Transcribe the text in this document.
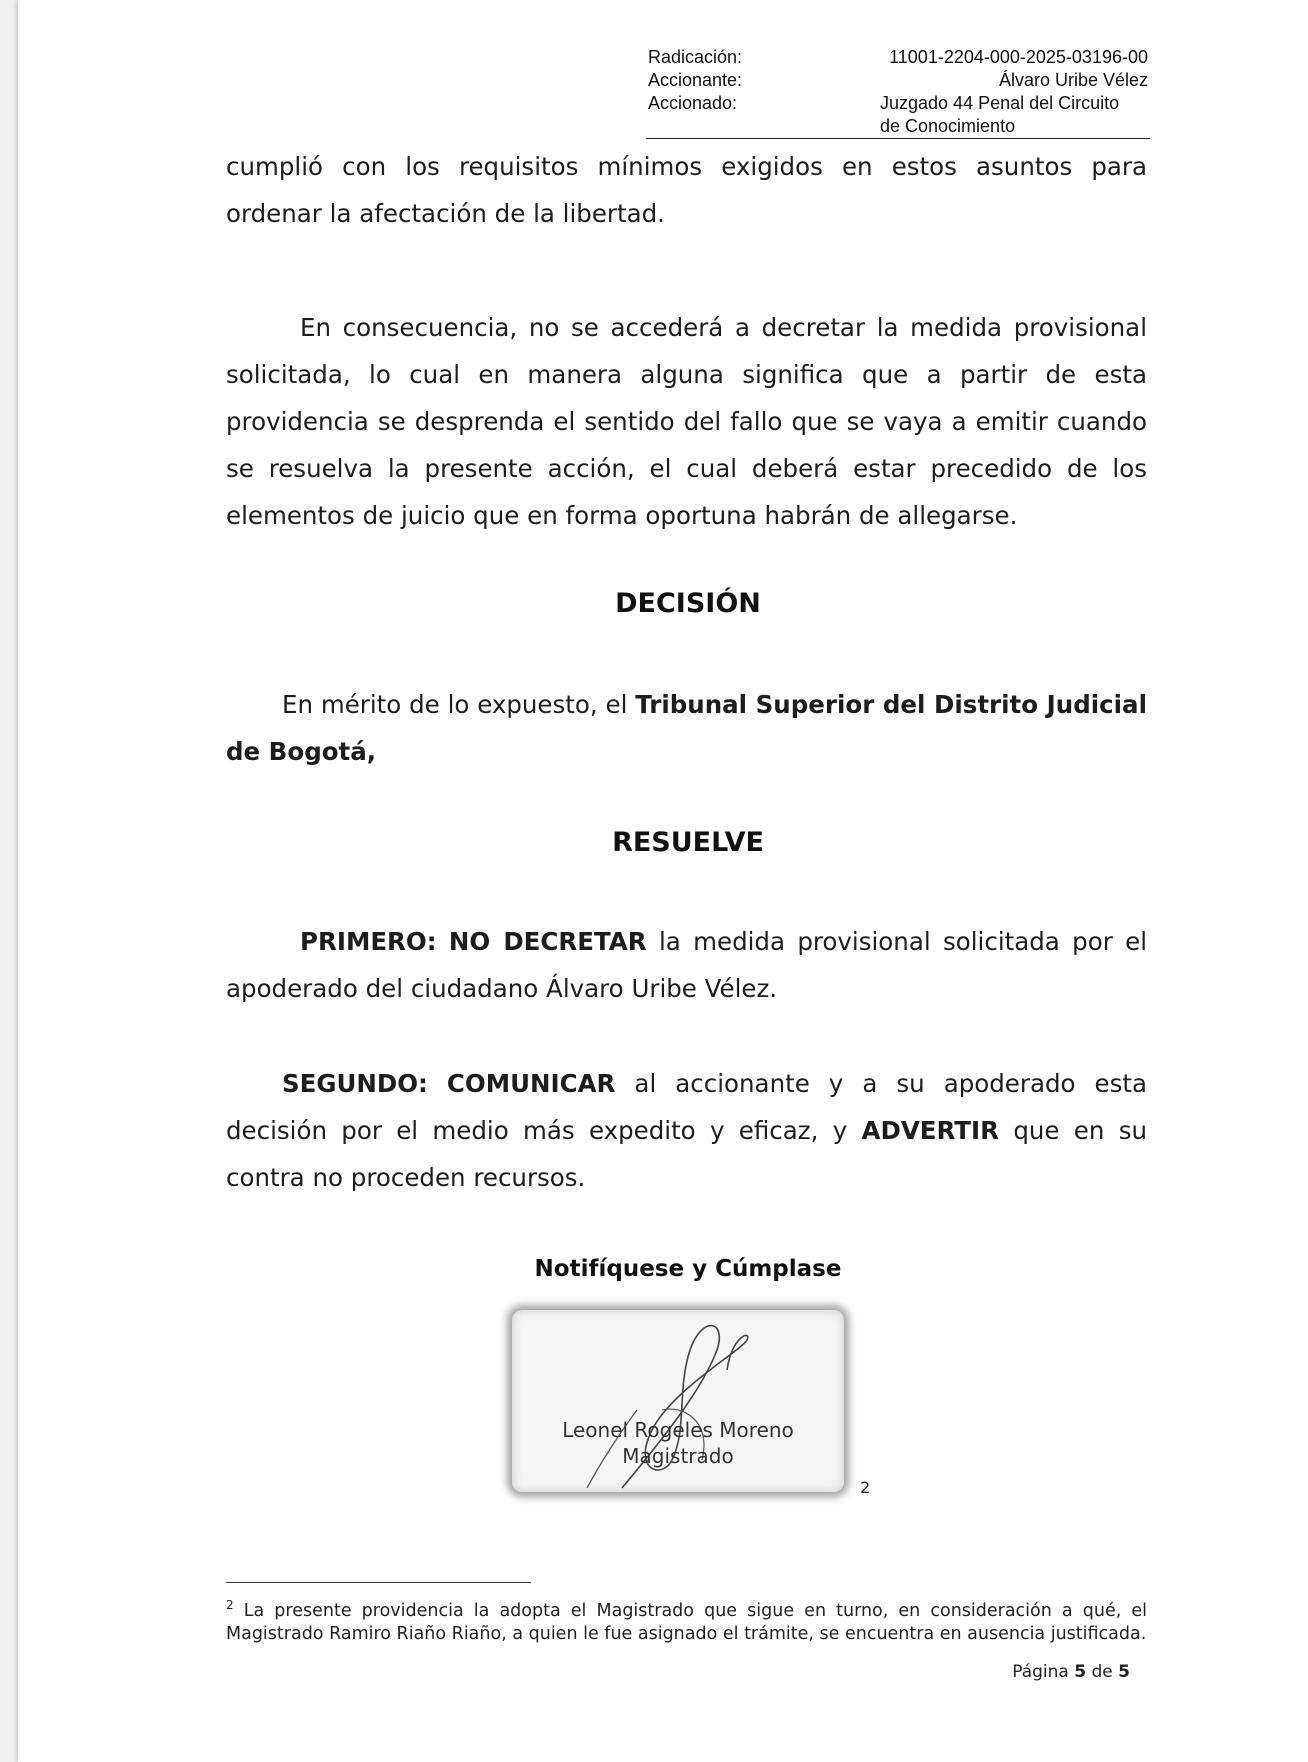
Radicación:	11001-2204-000-2025-03196-00
Accionante:	Álvaro Uribe Vélez
Accionado:	Juzgado 44 Penal del Circuito
de Conocimiento

cumplió con los requisitos mínimos exigidos en estos asuntos para ordenar la afectación de la libertad.

En consecuencia, no se accederá a decretar la medida provisional solicitada, lo cual en manera alguna significa que a partir de esta providencia se desprenda el sentido del fallo que se vaya a emitir cuando se resuelva la presente acción, el cual deberá estar precedido de los elementos de juicio que en forma oportuna habrán de allegarse.

DECISIÓN

En mérito de lo expuesto, el Tribunal Superior del Distrito Judicial de Bogotá,

RESUELVE

PRIMERO: NO DECRETAR la medida provisional solicitada por el apoderado del ciudadano Álvaro Uribe Vélez.

SEGUNDO: COMUNICAR al accionante y a su apoderado esta decisión por el medio más expedito y eficaz, y ADVERTIR que en su contra no proceden recursos.

Notifíquese y Cúmplase
Leonel Rogeles Moreno
Magistrado
2
$^2$ La presente providencia la adopta el Magistrado que sigue en turno, en consideración a qué, el Magistrado Ramiro Riaño Riaño, a quien le fue asignado el trámite, se encuentra en ausencia justificada.
Página 5 de 5
